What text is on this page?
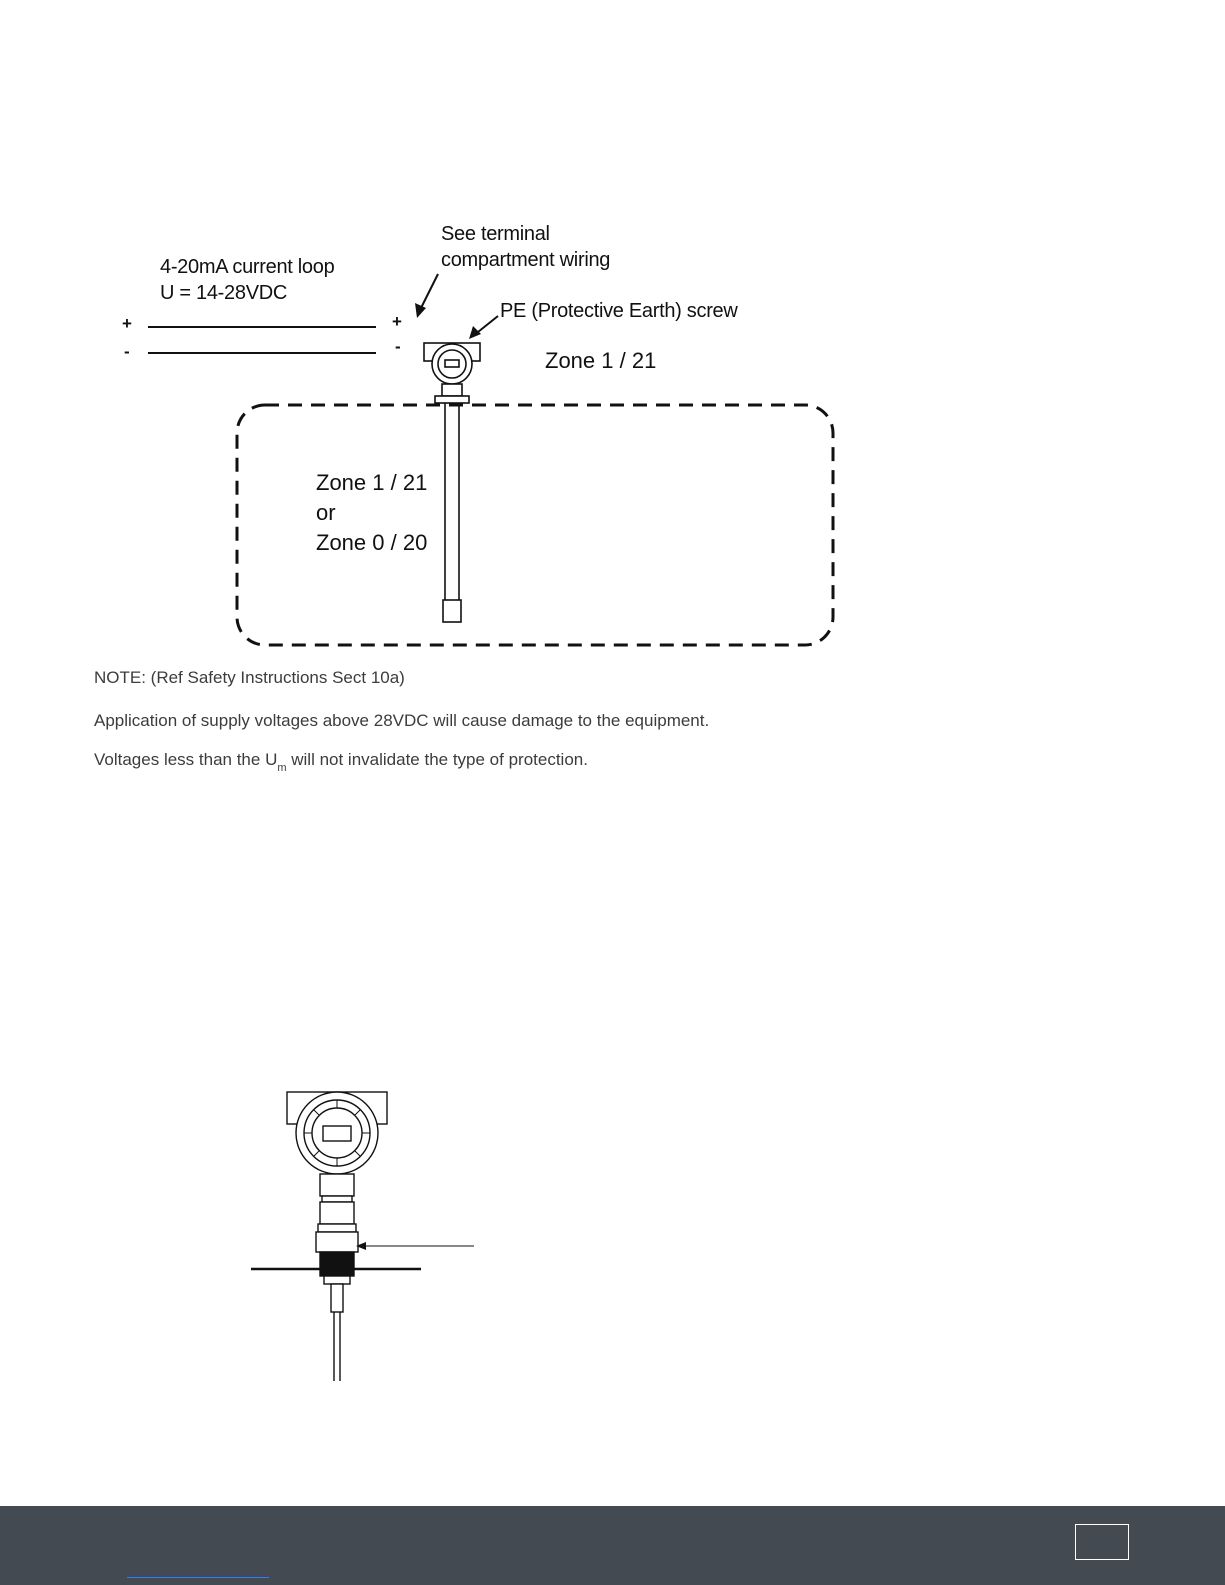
See terminal
compartment wiring
4-20mA current loop
U = 14-28VDC
PE (Protective Earth) screw
+
-
+
-
Zone 1 / 21
Zone 1 / 21
or
Zone 0 / 20
NOTE: (Ref Safety Instructions Sect 10a)
Application of supply voltages above 28VDC will cause damage to the equipment.
Voltages less than the $U_m$ will not invalidate the type of protection.
